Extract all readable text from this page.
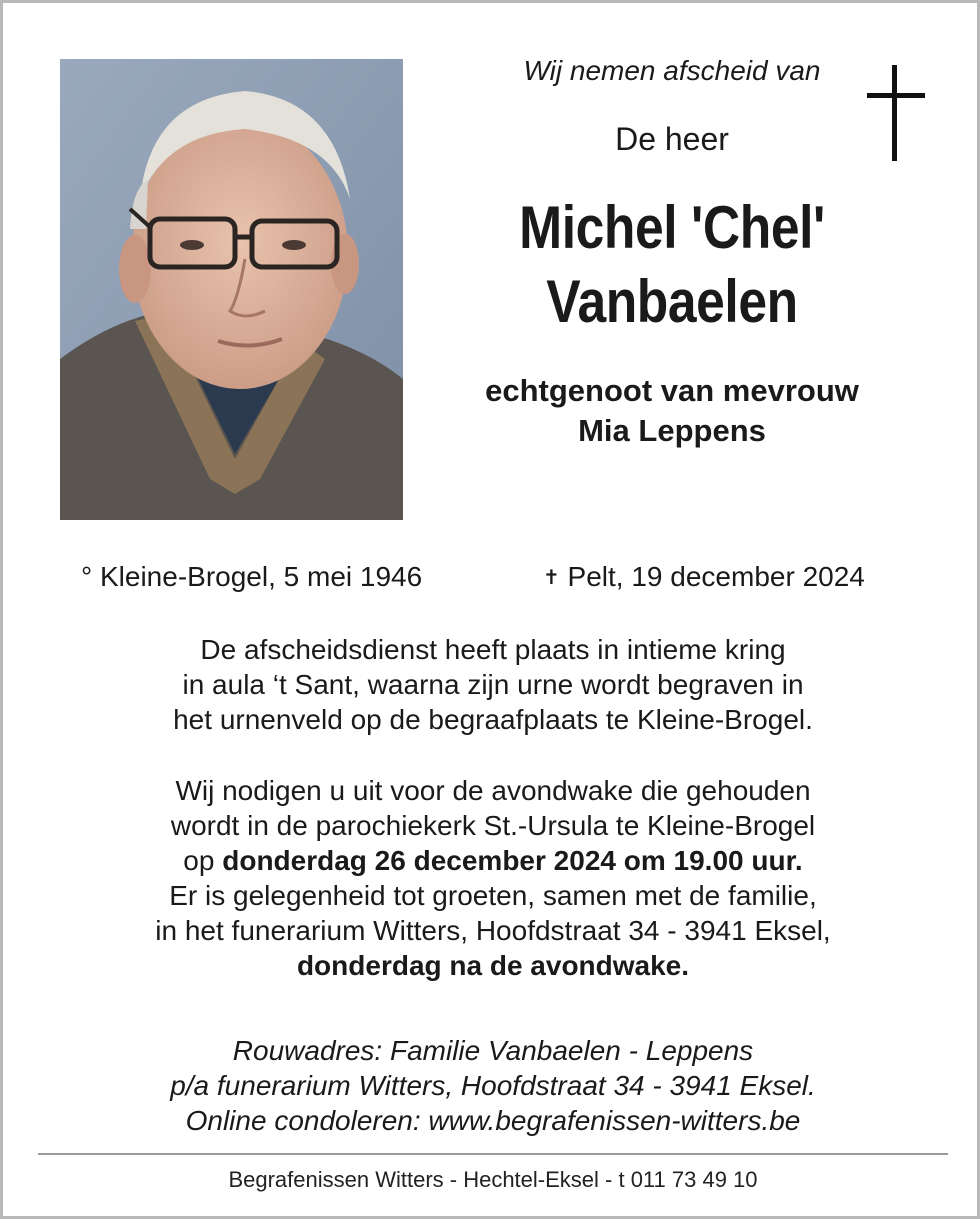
Wij nemen afscheid van
De heer
Michel 'Chel'
Vanbaelen
echtgenoot van mevrouw
Mia Leppens
° Kleine-Brogel, 5 mei 1946	✝ Pelt, 19 december 2024
De afscheidsdienst heeft plaats in intieme kring
in aula ‘t Sant, waarna zijn urne wordt begraven in
het urnenveld op de begraafplaats te Kleine-Brogel.
Wij nodigen u uit voor de avondwake die gehouden
wordt in de parochiekerk St.-Ursula te Kleine-Brogel
op donderdag 26 december 2024 om 19.00 uur.
Er is gelegenheid tot groeten, samen met de familie,
in het funerarium Witters, Hoofdstraat 34 - 3941 Eksel,
donderdag na de avondwake.
Rouwadres: Familie Vanbaelen - Leppens
p/a funerarium Witters, Hoofdstraat 34 - 3941 Eksel.
Online condoleren: www.begrafenissen-witters.be
Begrafenissen Witters - Hechtel-Eksel - t 011 73 49 10
